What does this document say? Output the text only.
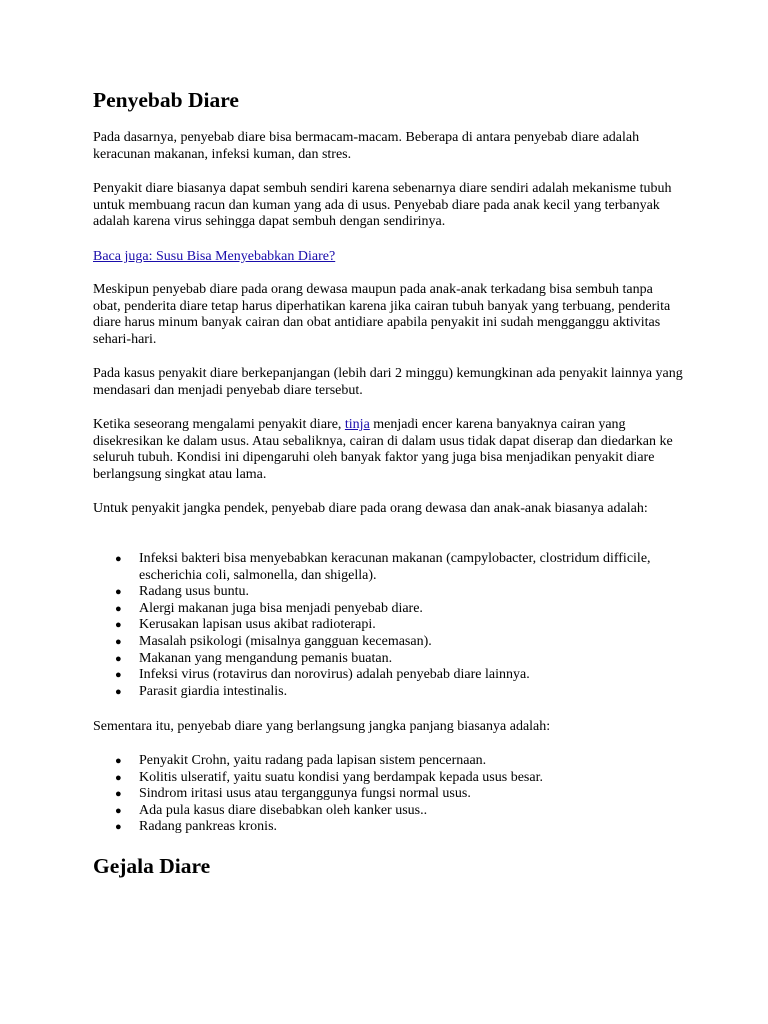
Penyebab Diare

Pada dasarnya, penyebab diare bisa bermacam-macam. Beberapa di antara penyebab diare adalah keracunan makanan, infeksi kuman, dan stres.

Penyakit diare biasanya dapat sembuh sendiri karena sebenarnya diare sendiri adalah mekanisme tubuh untuk membuang racun dan kuman yang ada di usus. Penyebab diare pada anak kecil yang terbanyak adalah karena virus sehingga dapat sembuh dengan sendirinya.

Baca juga: Susu Bisa Menyebabkan Diare?

Meskipun penyebab diare pada orang dewasa maupun pada anak-anak terkadang bisa sembuh tanpa obat, penderita diare tetap harus diperhatikan karena jika cairan tubuh banyak yang terbuang, penderita diare harus minum banyak cairan dan obat antidiare apabila penyakit ini sudah mengganggu aktivitas sehari-hari.

Pada kasus penyakit diare berkepanjangan (lebih dari 2 minggu) kemungkinan ada penyakit lainnya yang mendasari dan menjadi penyebab diare tersebut.

Ketika seseorang mengalami penyakit diare, tinja menjadi encer karena banyaknya cairan yang disekresikan ke dalam usus. Atau sebaliknya, cairan di dalam usus tidak dapat diserap dan diedarkan ke seluruh tubuh. Kondisi ini dipengaruhi oleh banyak faktor yang juga bisa menjadikan penyakit diare berlangsung singkat atau lama.

Untuk penyakit jangka pendek, penyebab diare pada orang dewasa dan anak-anak biasanya adalah:

● Infeksi bakteri bisa menyebabkan keracunan makanan (campylobacter, clostridum difficile, escherichia coli, salmonella, dan shigella).
● Radang usus buntu.
● Alergi makanan juga bisa menjadi penyebab diare.
● Kerusakan lapisan usus akibat radioterapi.
● Masalah psikologi (misalnya gangguan kecemasan).
● Makanan yang mengandung pemanis buatan.
● Infeksi virus (rotavirus dan norovirus) adalah penyebab diare lainnya.
● Parasit giardia intestinalis.

Sementara itu, penyebab diare yang berlangsung jangka panjang biasanya adalah:

● Penyakit Crohn, yaitu radang pada lapisan sistem pencernaan.
● Kolitis ulseratif, yaitu suatu kondisi yang berdampak kepada usus besar.
● Sindrom iritasi usus atau terganggunya fungsi normal usus.
● Ada pula kasus diare disebabkan oleh kanker usus..
● Radang pankreas kronis.
Gejala Diare
